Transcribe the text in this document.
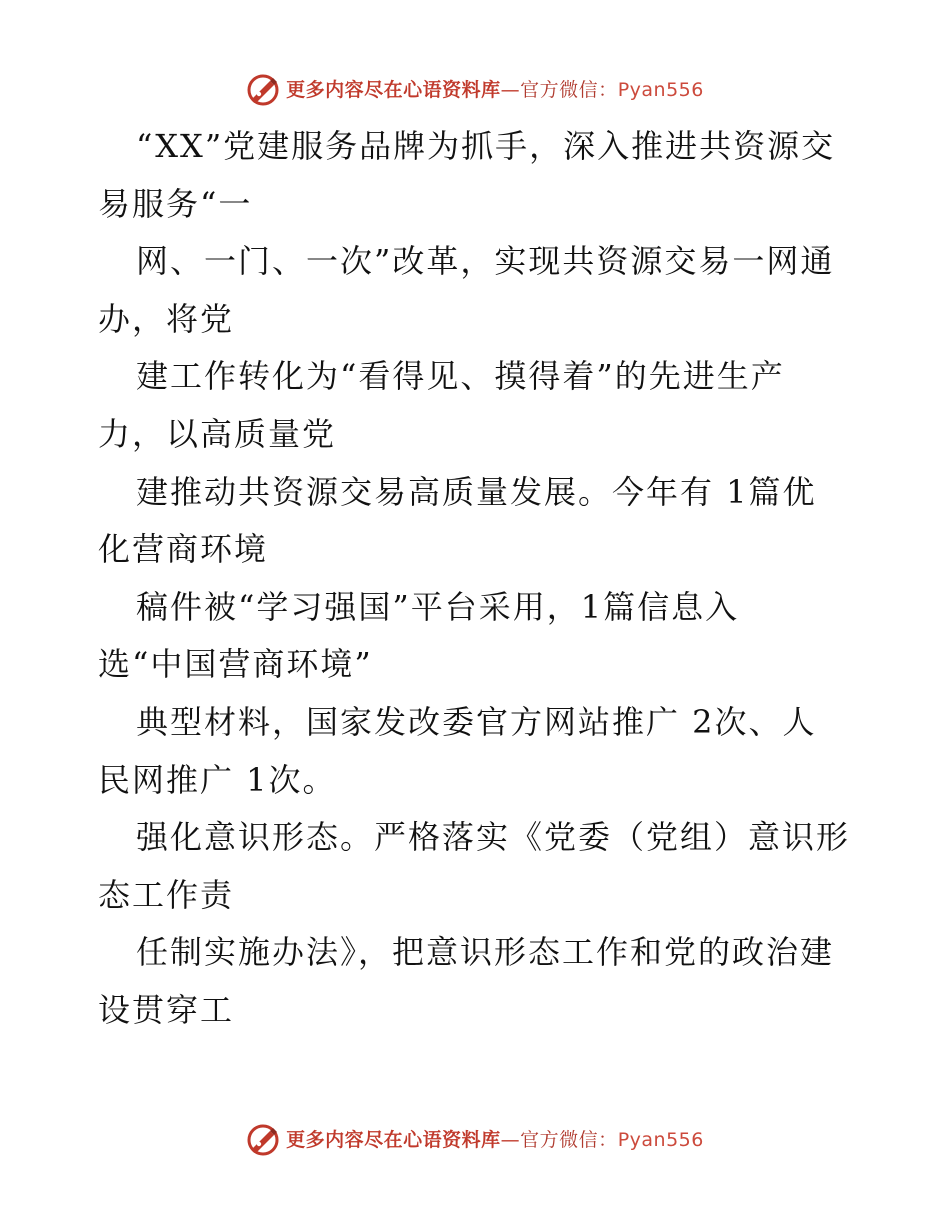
更多内容尽在心语资料库—官方微信：Pyan556
“XX”党建服务品牌为抓手，深入推进共资源交
易服务“一
网、一门、一次”改革，实现共资源交易一网通
办，将党
建工作转化为“看得见、摸得着”的先进生产
力，以高质量党
建推动共资源交易高质量发展。今年有 1篇优
化营商环境
稿件被“学习强国”平台采用，1篇信息入
选“中国营商环境”
典型材料，国家发改委官方网站推广 2次、人
民网推广 1次。
强化意识形态。严格落实《党委（党组）意识形
态工作责
任制实施办法》，把意识形态工作和党的政治建
设贯穿工
更多内容尽在心语资料库—官方微信：Pyan556
